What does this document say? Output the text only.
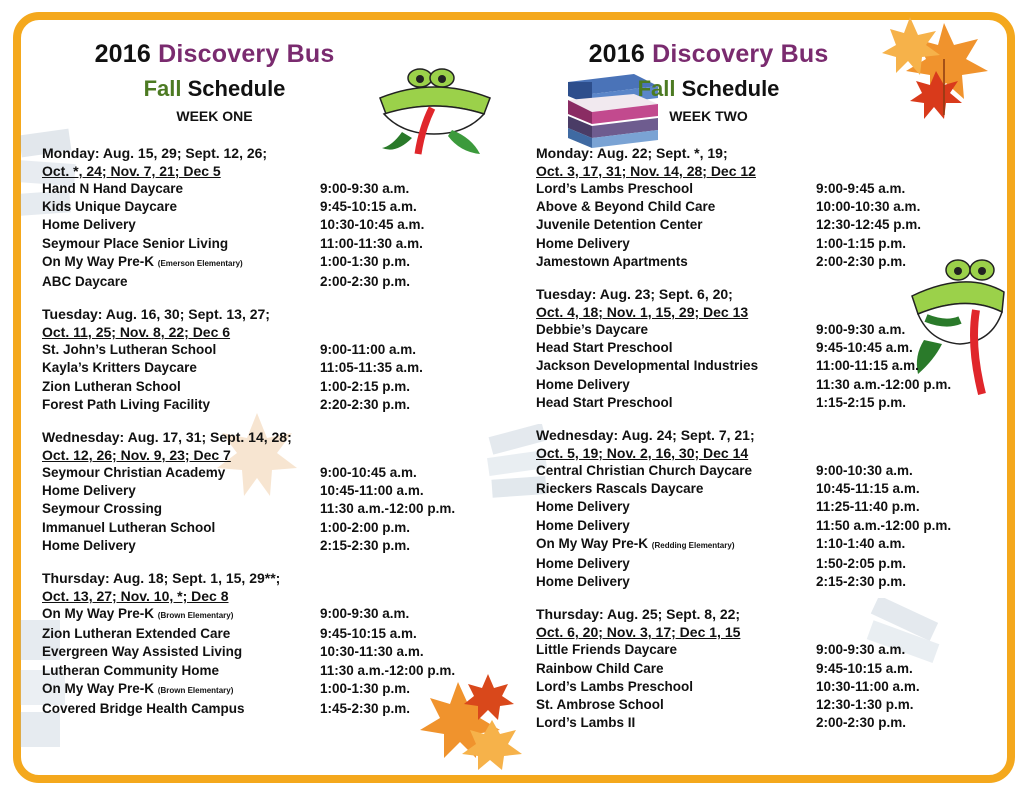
2016 Discovery Bus
Fall Schedule
WEEK ONE
Monday: Aug. 15, 29; Sept. 12, 26;
Oct. *, 24; Nov. 7, 21; Dec 5
Hand N Hand Daycare	9:00-9:30 a.m.
Kids Unique Daycare	9:45-10:15 a.m.
Home Delivery	10:30-10:45 a.m.
Seymour Place Senior Living	11:00-11:30 a.m.
On My Way Pre-K (Emerson Elementary)	1:00-1:30 p.m.
ABC Daycare	2:00-2:30 p.m.
Tuesday: Aug. 16, 30; Sept. 13, 27;
Oct. 11, 25; Nov. 8, 22; Dec 6
St. John’s Lutheran School	9:00-11:00 a.m.
Kayla’s Kritters Daycare	11:05-11:35 a.m.
Zion Lutheran School	1:00-2:15 p.m.
Forest Path Living Facility	2:20-2:30 p.m.
Wednesday: Aug. 17, 31; Sept. 14, 28;
Oct. 12, 26; Nov. 9, 23; Dec 7
Seymour Christian Academy	9:00-10:45 a.m.
Home Delivery	10:45-11:00 a.m.
Seymour Crossing	11:30 a.m.-12:00 p.m.
Immanuel Lutheran School	1:00-2:00 p.m.
Home Delivery	2:15-2:30 p.m.
Thursday: Aug. 18; Sept. 1, 15, 29**;
Oct. 13, 27; Nov. 10, *; Dec 8
On My Way Pre-K (Brown Elementary)	9:00-9:30 a.m.
Zion Lutheran Extended Care	9:45-10:15 a.m.
Evergreen Way Assisted Living	10:30-11:30 a.m.
Lutheran Community Home	11:30 a.m.-12:00 p.m.
On My Way Pre-K (Brown Elementary)	1:00-1:30 p.m.
Covered Bridge Health Campus	1:45-2:30 p.m.
2016 Discovery Bus
Fall Schedule
WEEK TWO
Monday: Aug. 22; Sept. *, 19;
Oct. 3, 17, 31; Nov. 14, 28; Dec 12
Lord’s Lambs Preschool	9:00-9:45 a.m.
Above & Beyond Child Care	10:00-10:30 a.m.
Juvenile Detention Center	12:30-12:45 p.m.
Home Delivery	1:00-1:15 p.m.
Jamestown Apartments	2:00-2:30 p.m.
Tuesday: Aug. 23; Sept. 6, 20;
Oct. 4, 18; Nov. 1, 15, 29; Dec 13
Debbie’s Daycare	9:00-9:30 a.m.
Head Start Preschool	9:45-10:45 a.m.
Jackson Developmental Industries	11:00-11:15 a.m.
Home Delivery	11:30 a.m.-12:00 p.m.
Head Start Preschool	1:15-2:15 p.m.
Wednesday: Aug. 24; Sept. 7, 21;
Oct. 5, 19; Nov. 2, 16, 30; Dec 14
Central Christian Church Daycare	9:00-10:30 a.m.
Rieckers Rascals Daycare	10:45-11:15 a.m.
Home Delivery	11:25-11:40 p.m.
Home Delivery	11:50 a.m.-12:00 p.m.
On My Way Pre-K (Redding Elementary)	1:10-1:40 a.m.
Home Delivery	1:50-2:05 p.m.
Home Delivery	2:15-2:30 p.m.
Thursday: Aug. 25; Sept. 8, 22;
Oct. 6, 20; Nov. 3, 17; Dec 1, 15
Little Friends Daycare	9:00-9:30 a.m.
Rainbow Child Care	9:45-10:15 a.m.
Lord’s Lambs Preschool	10:30-11:00 a.m.
St. Ambrose School	12:30-1:30 p.m.
Lord’s Lambs II	2:00-2:30 p.m.
